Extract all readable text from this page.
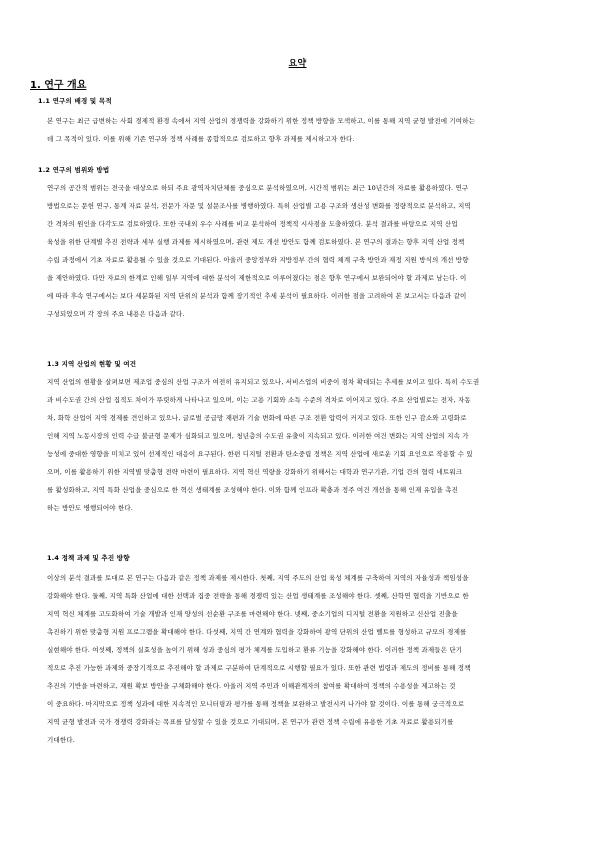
요약
1. 연구 개요
1.1 연구의 배경 및 목적
본 연구는 최근 급변하는 사회 경제적 환경 속에서 지역 산업의 경쟁력을 강화하기 위한 정책 방향을 모색하고, 이를 통해 지역 균형 발전에 기여하는
데 그 목적이 있다. 이를 위해 기존 연구와 정책 사례를 종합적으로 검토하고 향후 과제를 제시하고자 한다.
1.2 연구의 범위와 방법
연구의 공간적 범위는 전국을 대상으로 하되 주요 광역자치단체를 중심으로 분석하였으며, 시간적 범위는 최근 10년간의 자료를 활용하였다. 연구
방법으로는 문헌 연구, 통계 자료 분석, 전문가 자문 및 설문조사를 병행하였다. 특히 산업별 고용 구조와 생산성 변화를 정량적으로 분석하고, 지역
간 격차의 원인을 다각도로 검토하였다. 또한 국내외 우수 사례를 비교 분석하여 정책적 시사점을 도출하였다. 분석 결과를 바탕으로 지역 산업
육성을 위한 단계별 추진 전략과 세부 실행 과제를 제시하였으며, 관련 제도 개선 방안도 함께 검토하였다. 본 연구의 결과는 향후 지역 산업 정책
수립 과정에서 기초 자료로 활용될 수 있을 것으로 기대된다. 아울러 중앙정부와 지방정부 간의 협력 체계 구축 방안과 재정 지원 방식의 개선 방향
을 제안하였다. 다만 자료의 한계로 인해 일부 지역에 대한 분석이 제한적으로 이루어졌다는 점은 향후 연구에서 보완되어야 할 과제로 남는다. 이
에 따라 후속 연구에서는 보다 세분화된 지역 단위의 분석과 함께 장기적인 추세 분석이 필요하다. 이러한 점을 고려하여 본 보고서는 다음과 같이
구성되었으며 각 장의 주요 내용은 다음과 같다.
1.3 지역 산업의 현황 및 여건
지역 산업의 현황을 살펴보면 제조업 중심의 산업 구조가 여전히 유지되고 있으나, 서비스업의 비중이 점차 확대되는 추세를 보이고 있다. 특히 수도권
과 비수도권 간의 산업 집적도 차이가 뚜렷하게 나타나고 있으며, 이는 고용 기회와 소득 수준의 격차로 이어지고 있다. 주요 산업별로는 전자, 자동
차, 화학 산업이 지역 경제를 견인하고 있으나, 글로벌 공급망 재편과 기술 변화에 따른 구조 전환 압력이 커지고 있다. 또한 인구 감소와 고령화로
인해 지역 노동시장의 인력 수급 불균형 문제가 심화되고 있으며, 청년층의 수도권 유출이 지속되고 있다. 이러한 여건 변화는 지역 산업의 지속 가
능성에 중대한 영향을 미치고 있어 선제적인 대응이 요구된다. 한편 디지털 전환과 탄소중립 정책은 지역 산업에 새로운 기회 요인으로 작용할 수 있
으며, 이를 활용하기 위한 지역별 맞춤형 전략 마련이 필요하다. 지역 혁신 역량을 강화하기 위해서는 대학과 연구기관, 기업 간의 협력 네트워크
를 활성화하고, 지역 특화 산업을 중심으로 한 혁신 생태계를 조성해야 한다. 이와 함께 인프라 확충과 정주 여건 개선을 통해 인재 유입을 촉진
하는 방안도 병행되어야 한다.
1.4 정책 과제 및 추진 방향
이상의 분석 결과를 토대로 본 연구는 다음과 같은 정책 과제를 제시한다. 첫째, 지역 주도의 산업 육성 체계를 구축하여 지역의 자율성과 책임성을
강화해야 한다. 둘째, 지역 특화 산업에 대한 선택과 집중 전략을 통해 경쟁력 있는 산업 생태계를 조성해야 한다. 셋째, 산학연 협력을 기반으로 한
지역 혁신 체계를 고도화하여 기술 개발과 인재 양성의 선순환 구조를 마련해야 한다. 넷째, 중소기업의 디지털 전환을 지원하고 신산업 진출을
촉진하기 위한 맞춤형 지원 프로그램을 확대해야 한다. 다섯째, 지역 간 연계와 협력을 강화하여 광역 단위의 산업 벨트를 형성하고 규모의 경제를
실현해야 한다. 여섯째, 정책의 실효성을 높이기 위해 성과 중심의 평가 체계를 도입하고 환류 기능을 강화해야 한다. 이러한 정책 과제들은 단기
적으로 추진 가능한 과제와 중장기적으로 추진해야 할 과제로 구분하여 단계적으로 시행할 필요가 있다. 또한 관련 법령과 제도의 정비를 통해 정책
추진의 기반을 마련하고, 재원 확보 방안을 구체화해야 한다. 아울러 지역 주민과 이해관계자의 참여를 확대하여 정책의 수용성을 제고하는 것
이 중요하다. 마지막으로 정책 성과에 대한 지속적인 모니터링과 평가를 통해 정책을 보완하고 발전시켜 나가야 할 것이다. 이를 통해 궁극적으로
지역 균형 발전과 국가 경쟁력 강화라는 목표를 달성할 수 있을 것으로 기대되며, 본 연구가 관련 정책 수립에 유용한 기초 자료로 활용되기를
기대한다.
